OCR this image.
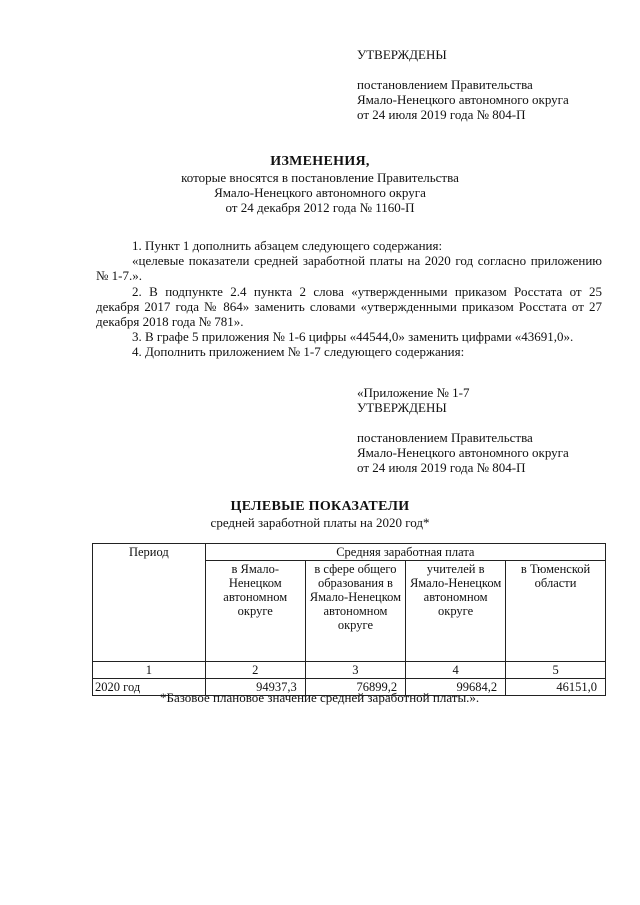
УТВЕРЖДЕНЫ
постановлением Правительства
Ямало-Ненецкого автономного округа
от 24 июля 2019 года № 804-П
ИЗМЕНЕНИЯ,
которые вносятся в постановление Правительства
Ямало-Ненецкого автономного округа
от 24 декабря 2012 года № 1160-П

1. Пункт 1 дополнить абзацем следующего содержания:

«целевые показатели средней заработной платы на 2020 год согласно приложению № 1-7.».

2. В подпункте 2.4 пункта 2 слова «утвержденными приказом Росстата от 25 декабря 2017 года № 864» заменить словами «утвержденными приказом Росстата от 27 декабря 2018 года № 781».

3. В графе 5 приложения № 1-6 цифры «44544,0» заменить цифрами «43691,0».

4. Дополнить приложением № 1-7 следующего содержания:

«Приложение № 1-7
УТВЕРЖДЕНЫ
постановлением Правительства
Ямало-Ненецкого автономного округа
от 24 июля 2019 года № 804-П
ЦЕЛЕВЫЕ ПОКАЗАТЕЛИ
средней заработной платы на 2020 год*
Период	Средняя заработная плата			
	в Ямало-Ненецком автономном округе	в сфере общего образования в Ямало-Ненецком автономном округе	учителей в Ямало-Ненецком автономном округе	в Тюменской области
1	2	3	4	5
2020 год	94937,3	76899,2	99684,2	46151,0
*Базовое плановое значение средней заработной платы.».
